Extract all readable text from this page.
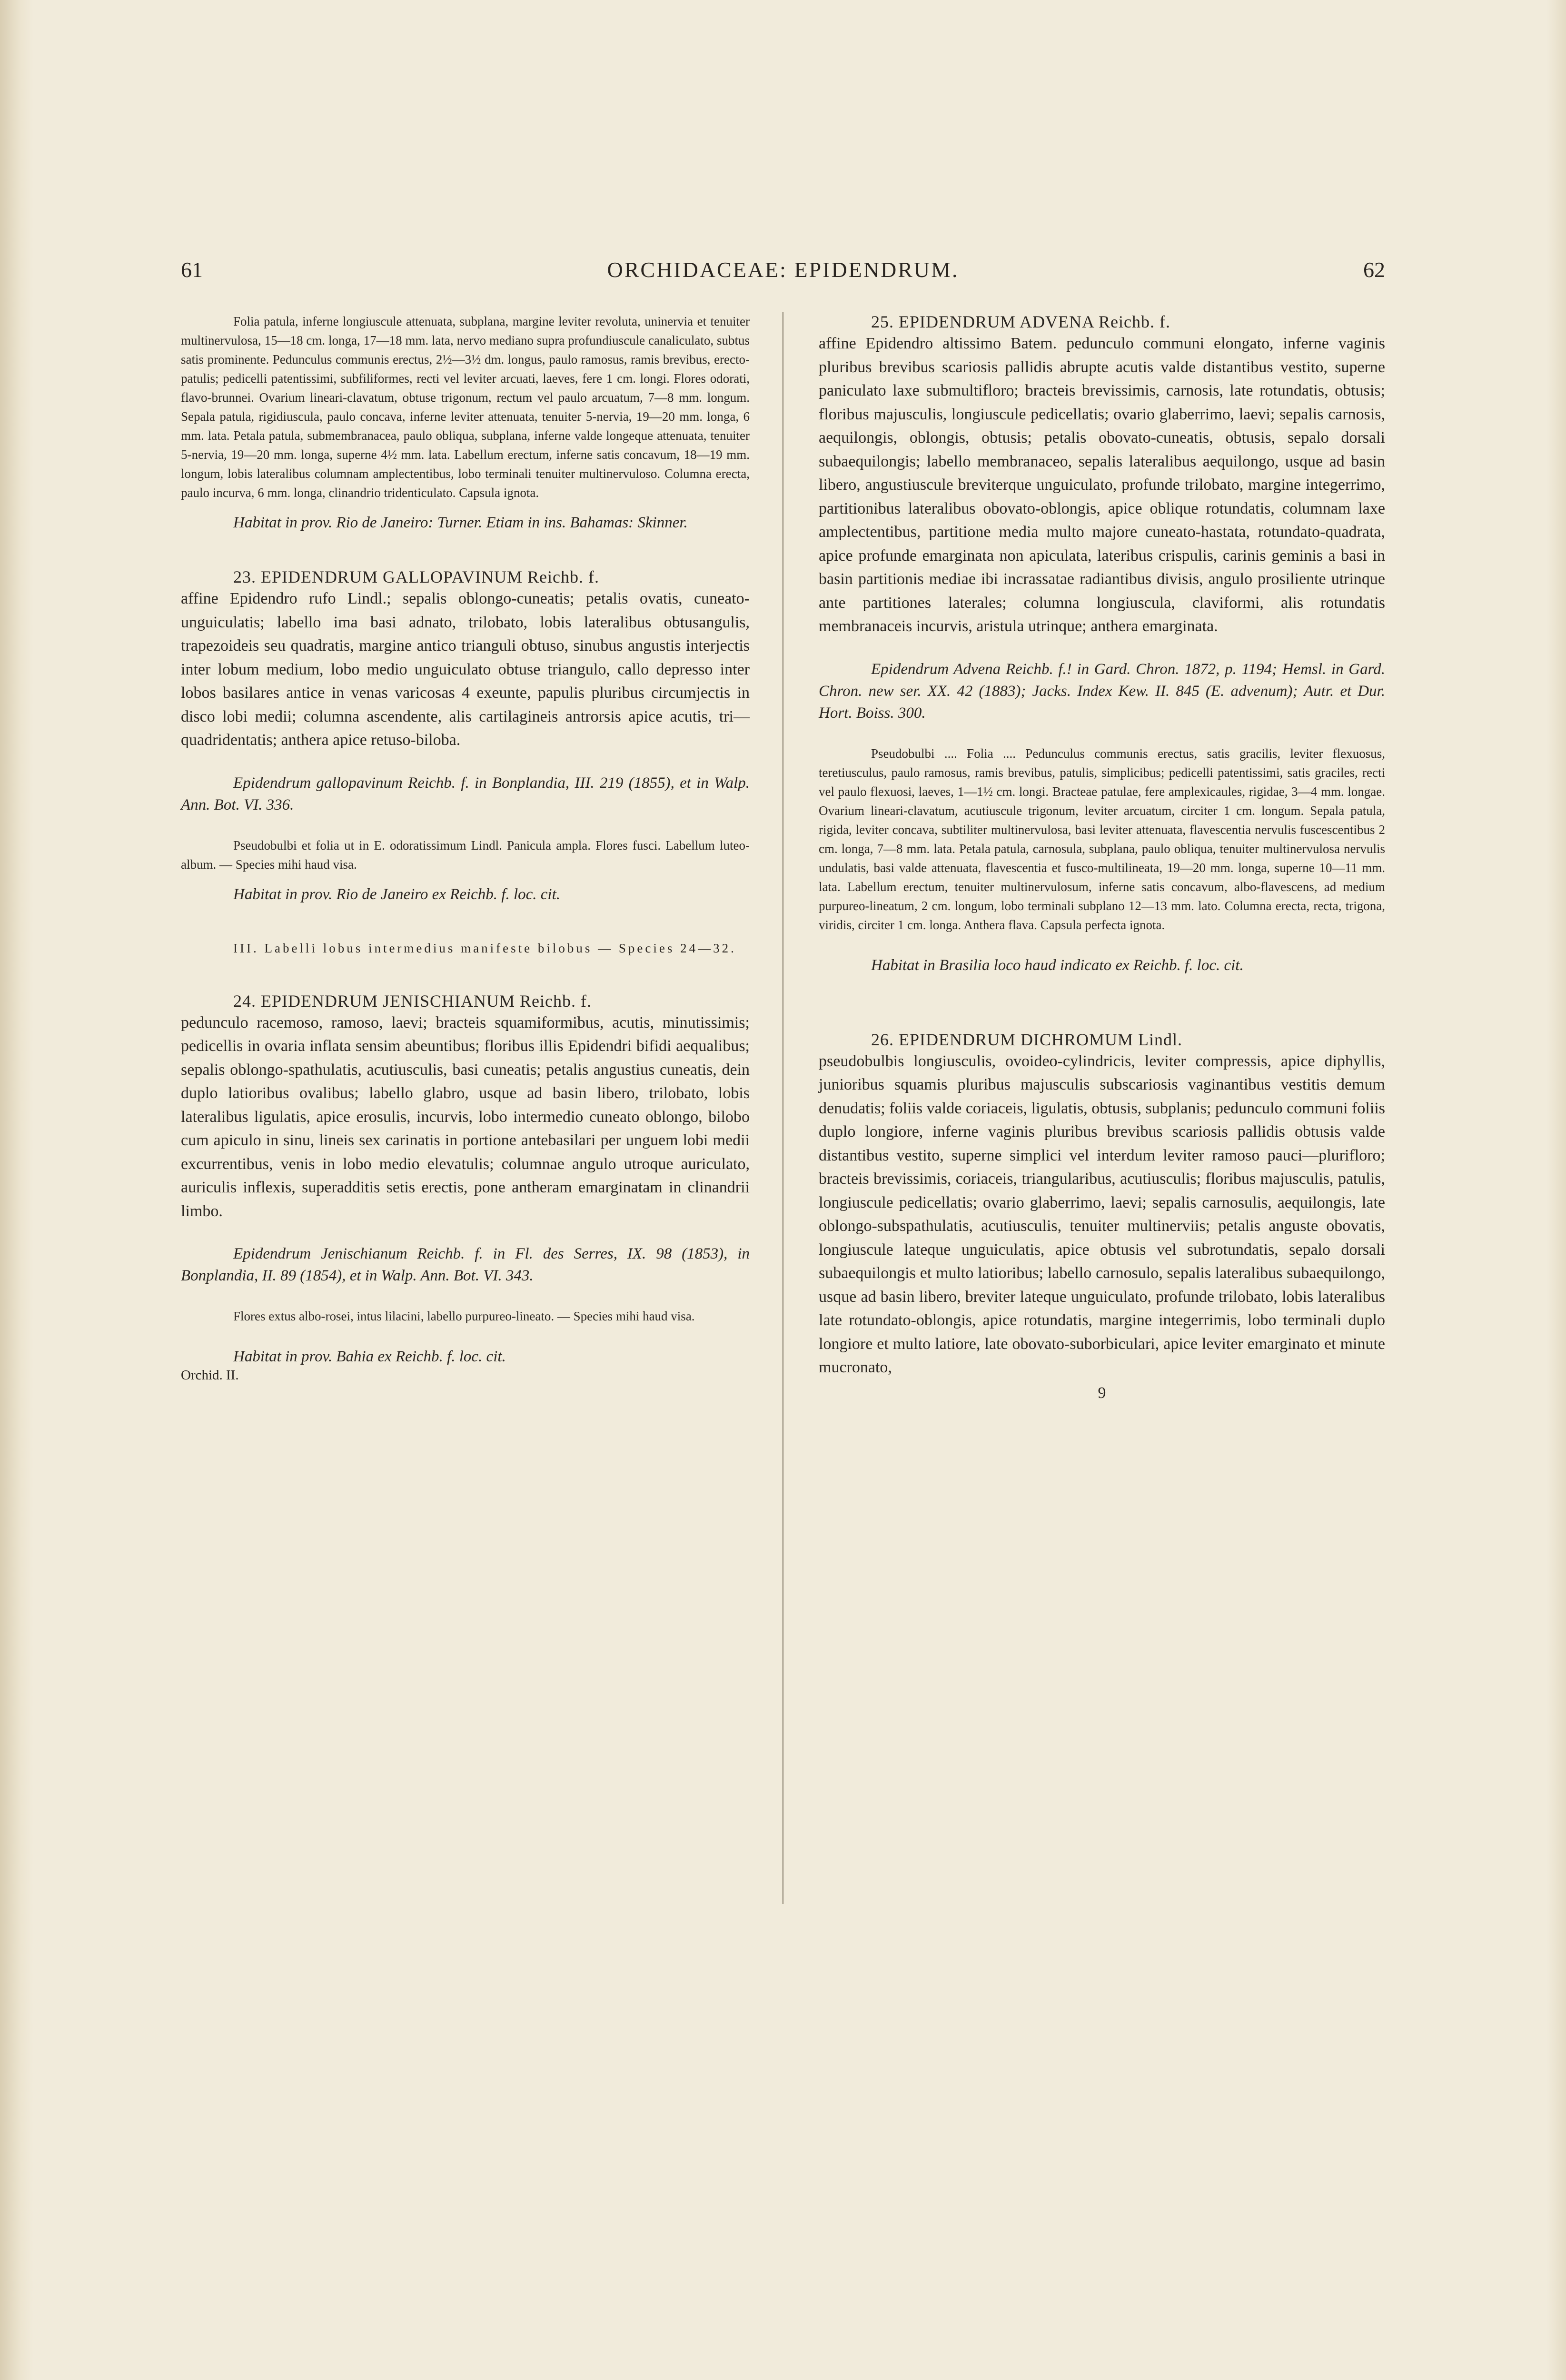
61	ORCHIDACEAE: EPIDENDRUM.	62

Folia patula, inferne longiuscule attenuata, subplana, margine leviter revoluta, uninervia et tenuiter multinervulosa, 15—18 cm. longa, 17—18 mm. lata, nervo mediano supra profundiuscule canaliculato, subtus satis prominente. Pedunculus communis erectus, 2½—3½ dm. longus, paulo ramosus, ramis brevibus, erecto-patulis; pedicelli patentissimi, subfiliformes, recti vel leviter arcuati, laeves, fere 1 cm. longi. Flores odorati, flavo-brunnei. Ovarium lineari-clavatum, obtuse trigonum, rectum vel paulo arcuatum, 7—8 mm. longum. Sepala patula, rigidiuscula, paulo concava, inferne leviter attenuata, tenuiter 5-nervia, 19—20 mm. longa, 6 mm. lata. Petala patula, submembranacea, paulo obliqua, subplana, inferne valde longeque attenuata, tenuiter 5-nervia, 19—20 mm. longa, superne 4½ mm. lata. Labellum erectum, inferne satis concavum, 18—19 mm. longum, lobis lateralibus columnam amplectentibus, lobo terminali tenuiter multinervuloso. Columna erecta, paulo incurva, 6 mm. longa, clinandrio tridenticulato. Capsula ignota.

Habitat in prov. Rio de Janeiro: Turner. Etiam in ins. Bahamas: Skinner.

23. EPIDENDRUM GALLOPAVINUM Reichb. f.

affine Epidendro rufo Lindl.; sepalis oblongo-cuneatis; petalis ovatis, cuneato-unguiculatis; labello ima basi adnato, trilobato, lobis lateralibus obtusangulis, trapezoideis seu quadratis, margine antico trianguli obtuso, sinubus angustis interjectis inter lobum medium, lobo medio unguiculato obtuse triangulo, callo depresso inter lobos basilares antice in venas varicosas 4 exeunte, papulis pluribus circumjectis in disco lobi medii; columna ascendente, alis cartilagineis antrorsis apice acutis, tri—quadridentatis; anthera apice retuso-biloba.

Epidendrum gallopavinum Reichb. f. in Bonplandia, III. 219 (1855), et in Walp. Ann. Bot. VI. 336.

Pseudobulbi et folia ut in E. odoratissimum Lindl. Panicula ampla. Flores fusci. Labellum luteo-album. — Species mihi haud visa.

Habitat in prov. Rio de Janeiro ex Reichb. f. loc. cit.

III. Labelli lobus intermedius manifeste bilobus — Species 24—32.

24. EPIDENDRUM JENISCHIANUM Reichb. f.

pedunculo racemoso, ramoso, laevi; bracteis squamiformibus, acutis, minutissimis; pedicellis in ovaria inflata sensim abeuntibus; floribus illis Epidendri bifidi aequalibus; sepalis oblongo-spathulatis, acutiusculis, basi cuneatis; petalis angustius cuneatis, dein duplo latioribus ovalibus; labello glabro, usque ad basin libero, trilobato, lobis lateralibus ligulatis, apice erosulis, incurvis, lobo intermedio cuneato oblongo, bilobo cum apiculo in sinu, lineis sex carinatis in portione antebasilari per unguem lobi medii excurrentibus, venis in lobo medio elevatulis; columnae angulo utroque auriculato, auriculis inflexis, superadditis setis erectis, pone antheram emarginatam in clinandrii limbo.

Epidendrum Jenischianum Reichb. f. in Fl. des Serres, IX. 98 (1853), in Bonplandia, II. 89 (1854), et in Walp. Ann. Bot. VI. 343.

Flores extus albo-rosei, intus lilacini, labello purpureo-lineato. — Species mihi haud visa.

Habitat in prov. Bahia ex Reichb. f. loc. cit.

Orchid. II.

25. EPIDENDRUM ADVENA Reichb. f.

affine Epidendro altissimo Batem. pedunculo communi elongato, inferne vaginis pluribus brevibus scariosis pallidis abrupte acutis valde distantibus vestito, superne paniculato laxe submultifloro; bracteis brevissimis, carnosis, late rotundatis, obtusis; floribus majusculis, longiuscule pedicellatis; ovario glaberrimo, laevi; sepalis carnosis, aequilongis, oblongis, obtusis; petalis obovato-cuneatis, obtusis, sepalo dorsali subaequilongis; labello membranaceo, sepalis lateralibus aequilongo, usque ad basin libero, angustiuscule breviterque unguiculato, profunde trilobato, margine integerrimo, partitionibus lateralibus obovato-oblongis, apice oblique rotundatis, columnam laxe amplectentibus, partitione media multo majore cuneato-hastata, rotundato-quadrata, apice profunde emarginata non apiculata, lateribus crispulis, carinis geminis a basi in basin partitionis mediae ibi incrassatae radiantibus divisis, angulo prosiliente utrinque ante partitiones laterales; columna longiuscula, claviformi, alis rotundatis membranaceis incurvis, aristula utrinque; anthera emarginata.

Epidendrum Advena Reichb. f.! in Gard. Chron. 1872, p. 1194; Hemsl. in Gard. Chron. new ser. XX. 42 (1883); Jacks. Index Kew. II. 845 (E. advenum); Autr. et Dur. Hort. Boiss. 300.

Pseudobulbi .... Folia .... Pedunculus communis erectus, satis gracilis, leviter flexuosus, teretiusculus, paulo ramosus, ramis brevibus, patulis, simplicibus; pedicelli patentissimi, satis graciles, recti vel paulo flexuosi, laeves, 1—1½ cm. longi. Bracteae patulae, fere amplexicaules, rigidae, 3—4 mm. longae. Ovarium lineari-clavatum, acutiuscule trigonum, leviter arcuatum, circiter 1 cm. longum. Sepala patula, rigida, leviter concava, subtiliter multinervulosa, basi leviter attenuata, flavescentia nervulis fuscescentibus 2 cm. longa, 7—8 mm. lata. Petala patula, carnosula, subplana, paulo obliqua, tenuiter multinervulosa nervulis undulatis, basi valde attenuata, flavescentia et fusco-multilineata, 19—20 mm. longa, superne 10—11 mm. lata. Labellum erectum, tenuiter multinervulosum, inferne satis concavum, albo-flavescens, ad medium purpureo-lineatum, 2 cm. longum, lobo terminali subplano 12—13 mm. lato. Columna erecta, recta, trigona, viridis, circiter 1 cm. longa. Anthera flava. Capsula perfecta ignota.

Habitat in Brasilia loco haud indicato ex Reichb. f. loc. cit.

26. EPIDENDRUM DICHROMUM Lindl.

pseudobulbis longiusculis, ovoideo-cylindricis, leviter compressis, apice diphyllis, junioribus squamis pluribus majusculis subscariosis vaginantibus vestitis demum denudatis; foliis valde coriaceis, ligulatis, obtusis, subplanis; pedunculo communi foliis duplo longiore, inferne vaginis pluribus brevibus scariosis pallidis obtusis valde distantibus vestito, superne simplici vel interdum leviter ramoso pauci—plurifloro; bracteis brevissimis, coriaceis, triangularibus, acutiusculis; floribus majusculis, patulis, longiuscule pedicellatis; ovario glaberrimo, laevi; sepalis carnosulis, aequilongis, late oblongo-subspathulatis, acutiusculis, tenuiter multinerviis; petalis anguste obovatis, longiuscule lateque unguiculatis, apice obtusis vel subrotundatis, sepalo dorsali subaequilongis et multo latioribus; labello carnosulo, sepalis lateralibus subaequilongo, usque ad basin libero, breviter lateque unguiculato, profunde trilobato, lobis lateralibus late rotundato-oblongis, apice rotundatis, margine integerrimis, lobo terminali duplo longiore et multo latiore, late obovato-suborbiculari, apice leviter emarginato et minute mucronato,

9
